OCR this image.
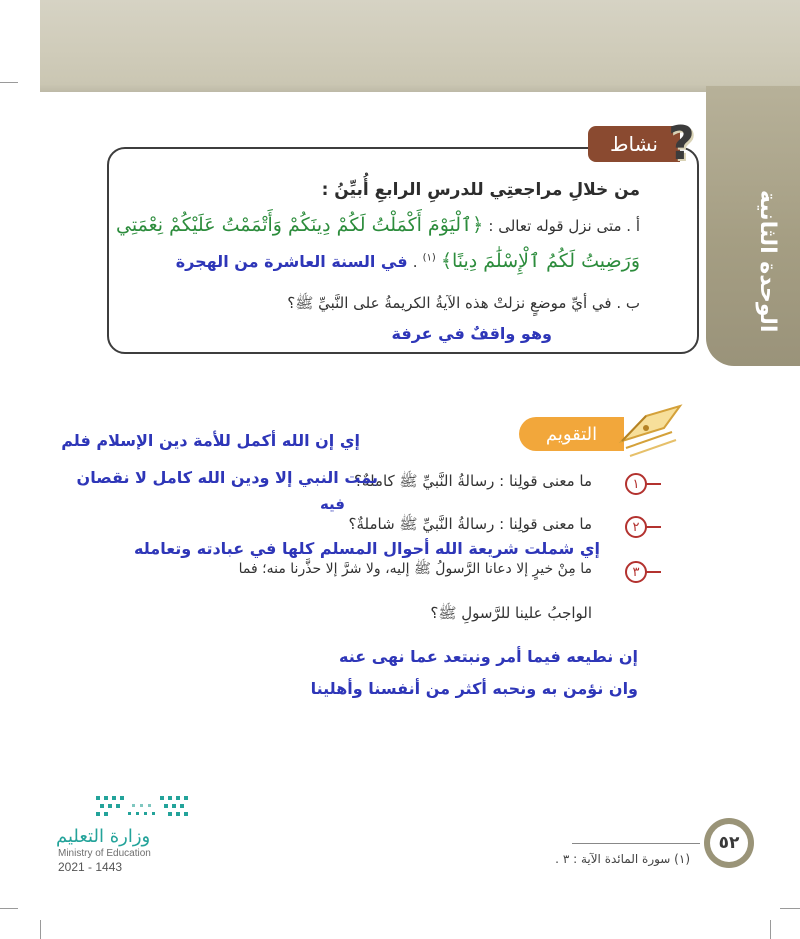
الوحدة الثانية
نشاط ?
من خلالِ مراجعتِي للدرسِ الرابعِ أُبيِّنُ :
أ . متى نزل قوله تعالى : ﴿ٱلْيَوْمَ أَكْمَلْتُ لَكُمْ دِينَكُمْ وَأَتْمَمْتُ عَلَيْكُمْ نِعْمَتِي
وَرَضِيتُ لَكُمُ ٱلْإِسْلَٰمَ دِينًا﴾ $^{(١)}$ . في السنة العاشرة من الهجرة
ب . في أيِّ موضعٍ نزلتْ هذه الآيةُ الكريمةُ على النَّبيِّ ﷺ؟
وهو واقفٌ في عرفة
التقويم
إي إن الله أكمل للأمة دين الإسلام فلم
١
ما معنى قولِنا : رسالةُ النَّبيِّ ﷺ كاملةٌ؟
يمت النبي إلا ودين الله كامل لا نقصان
فيه
٢
ما معنى قولِنا : رسالةُ النَّبيِّ ﷺ شاملةٌ؟
إي شملت شريعة الله أحوال المسلم كلها في عبادته وتعامله
٣
ما مِنْ خيرٍ إلا دعانا الرَّسولُ ﷺ إليه، ولا شرَّ إلا حذَّرنا منه؛ فما
الواجبُ علينا للرَّسولِ ﷺ؟
إن نطيعه فيما أمر ونبتعد عما نهى عنه
وان نؤمن به ونحبه أكثر من أنفسنا وأهلينا
٥٢
(١) سورة المائدة الآية : ٣ .
وزارة التعليم
Ministry of Education
2021 - 1443
